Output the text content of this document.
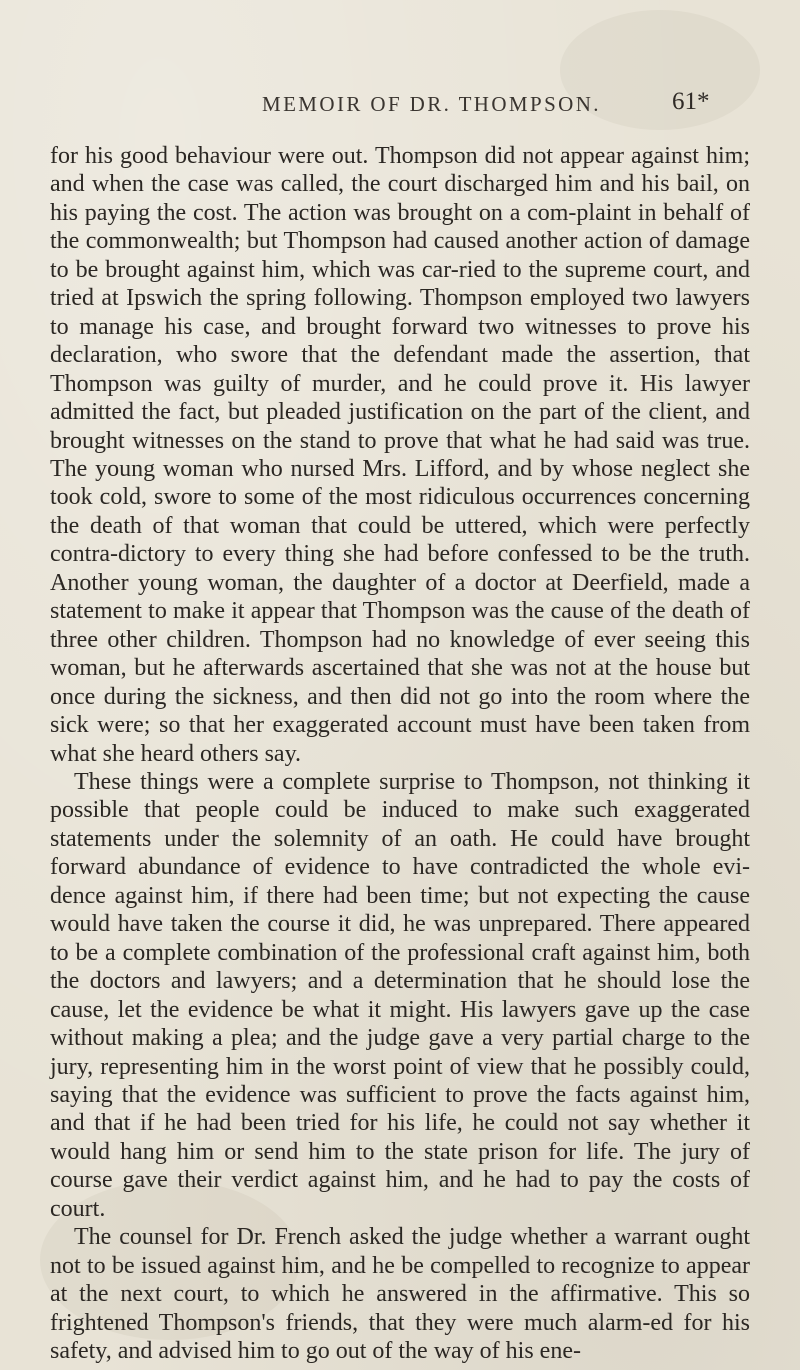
MEMOIR OF DR. THOMPSON.	61*

for his good behaviour were out. Thompson did not appear against him; and when the case was called, the court discharged him and his bail, on his paying the cost. The action was brought on a com-plaint in behalf of the commonwealth; but Thompson had caused another action of damage to be brought against him, which was car-ried to the supreme court, and tried at Ipswich the spring following. Thompson employed two lawyers to manage his case, and brought forward two witnesses to prove his declaration, who swore that the defendant made the assertion, that Thompson was guilty of murder, and he could prove it. His lawyer admitted the fact, but pleaded justification on the part of the client, and brought witnesses on the stand to prove that what he had said was true. The young woman who nursed Mrs. Lifford, and by whose neglect she took cold, swore to some of the most ridiculous occurrences concerning the death of that woman that could be uttered, which were perfectly contra-dictory to every thing she had before confessed to be the truth. Another young woman, the daughter of a doctor at Deerfield, made a statement to make it appear that Thompson was the cause of the death of three other children. Thompson had no knowledge of ever seeing this woman, but he afterwards ascertained that she was not at the house but once during the sickness, and then did not go into the room where the sick were; so that her exaggerated account must have been taken from what she heard others say.

These things were a complete surprise to Thompson, not thinking it possible that people could be induced to make such exaggerated statements under the solemnity of an oath. He could have brought forward abundance of evidence to have contradicted the whole evi-dence against him, if there had been time; but not expecting the cause would have taken the course it did, he was unprepared. There appeared to be a complete combination of the professional craft against him, both the doctors and lawyers; and a determination that he should lose the cause, let the evidence be what it might. His lawyers gave up the case without making a plea; and the judge gave a very partial charge to the jury, representing him in the worst point of view that he possibly could, saying that the evidence was sufficient to prove the facts against him, and that if he had been tried for his life, he could not say whether it would hang him or send him to the state prison for life. The jury of course gave their verdict against him, and he had to pay the costs of court.

The counsel for Dr. French asked the judge whether a warrant ought not to be issued against him, and he be compelled to recognize to appear at the next court, to which he answered in the affirmative. This so frightened Thompson's friends, that they were much alarm-ed for his safety, and advised him to go out of the way of his ene-
